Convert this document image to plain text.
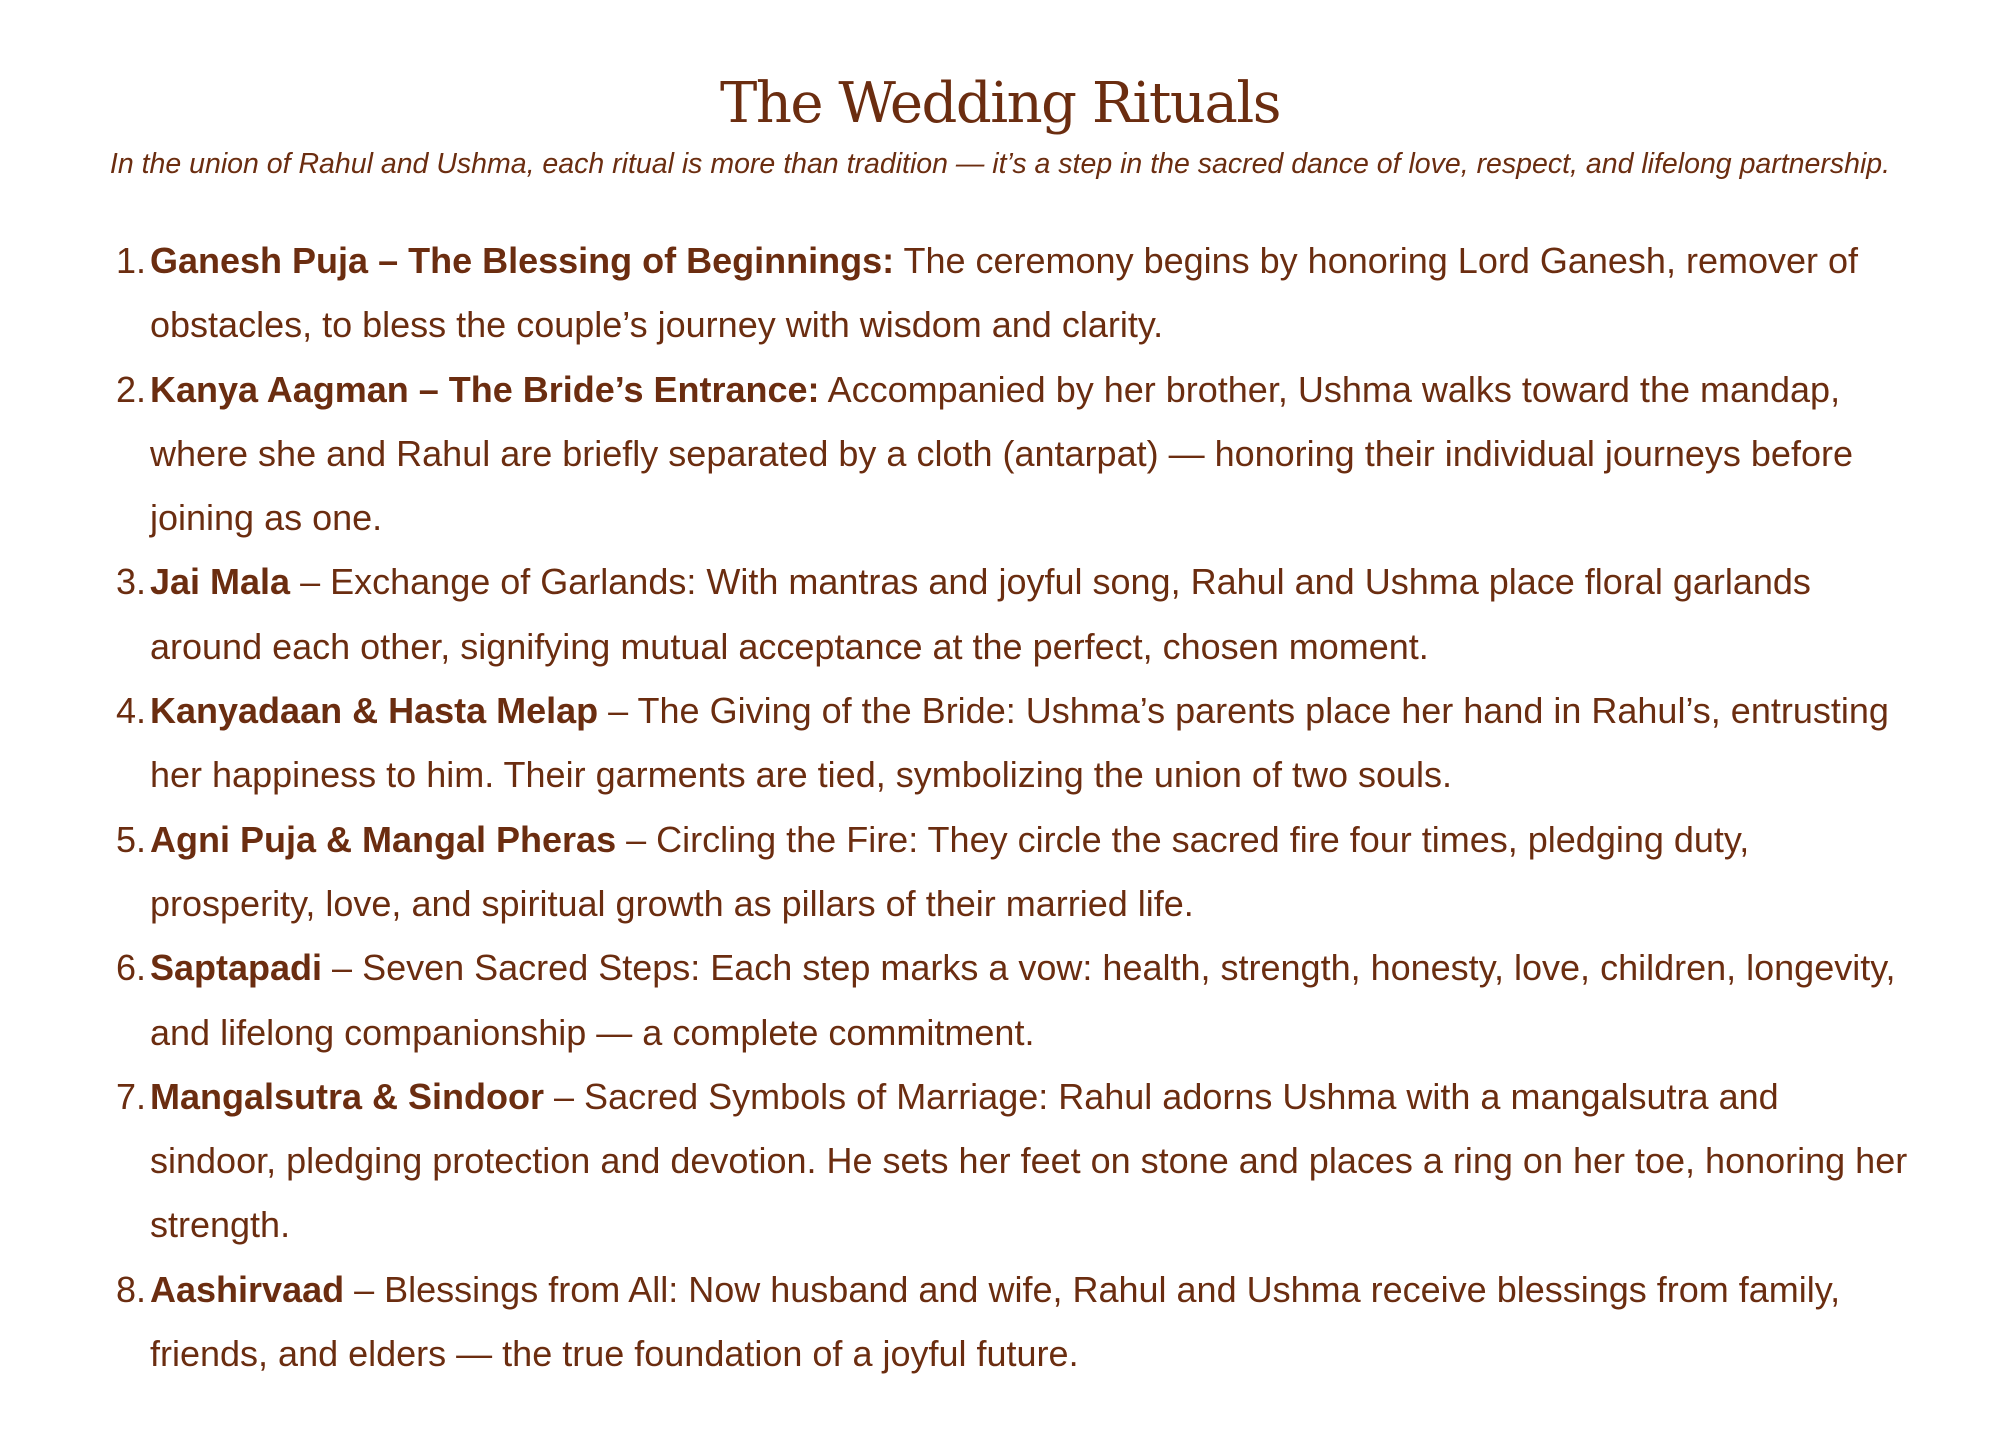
The Wedding Rituals

In the union of Rahul and Ushma, each ritual is more than tradition — it’s a step in the sacred dance of love, respect, and lifelong partnership.

1. Ganesh Puja – The Blessing of Beginnings: The ceremony begins by honoring Lord Ganesh, remover of obstacles, to bless the couple’s journey with wisdom and clarity.
2. Kanya Aagman – The Bride’s Entrance: Accompanied by her brother, Ushma walks toward the mandap, where she and Rahul are briefly separated by a cloth (antarpat) — honoring their individual journeys before joining as one.
3. Jai Mala – Exchange of Garlands: With mantras and joyful song, Rahul and Ushma place floral garlands around each other, signifying mutual acceptance at the perfect, chosen moment.
4. Kanyadaan & Hasta Melap – The Giving of the Bride: Ushma’s parents place her hand in Rahul’s, entrusting her happiness to him. Their garments are tied, symbolizing the union of two souls.
5. Agni Puja & Mangal Pheras – Circling the Fire: They circle the sacred fire four times, pledging duty, prosperity, love, and spiritual growth as pillars of their married life.
6. Saptapadi – Seven Sacred Steps: Each step marks a vow: health, strength, honesty, love, children, longevity, and lifelong companionship — a complete commitment.
7. Mangalsutra & Sindoor – Sacred Symbols of Marriage: Rahul adorns Ushma with a mangalsutra and sindoor, pledging protection and devotion. He sets her feet on stone and places a ring on her toe, honoring her strength.
8. Aashirvaad – Blessings from All: Now husband and wife, Rahul and Ushma receive blessings from family, friends, and elders — the true foundation of a joyful future.
